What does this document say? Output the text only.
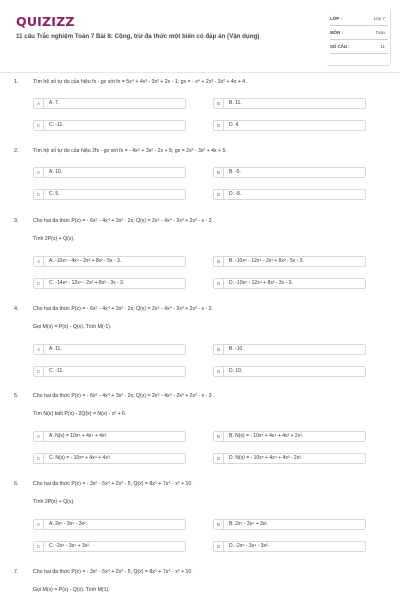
QUIZIZZ
11 câu Trắc nghiệm Toán 7 Bài 8: Cộng, trừ đa thức một biến có đáp án (Vận dụng)
LỚP :	Lớp 7
MÔN :	Toán
SỐ CÂU :	11
1.	Tìm hệ số tự do của hiệu fx - gx với fx = 5x⁴ + 4x³ - 3x² + 2x - 1; gx = - x⁴ + 2x³ - 3x² + 4x + 4 .
A	A. 7.	B	B. 11.
C	C. -11.	D	D. 4.
2.	Tìm hệ số tự do của hiệu 2fx - gx với fx = - 4x⁵ + 3x² - 2x + 5; gx = 2x³ - 3x² + 4x + 5.
A	A. 10.	B	B. -5.
C	C. 5.	D	D. -8.
3.	Cho hai đa thức P(x) = - 6x⁵ - 4x⁴ + 3x² - 2x; Q(x) = 2x⁵ - 4x⁴ - 2x³ + 2x² - x - 3 .
Tính 2P(x) + Q(x).
A	A. -10x⁵ - 4x⁴ - 2x³ + 8x² - 5x - 3.	B	B. -10x⁵ - 12x⁴ - 2x³ + 8x² - 5x - 3.
C	C. -14x⁵ - 12x⁴ - 2x³ + 8x² - 3x - 3.	D	D. -10x⁵ - 12x⁴ + 8x² - 3x - 3.
4.	Cho hai đa thức P(x) = - 6x⁵ - 4x⁴ + 3x² - 2x; Q(x) = 2x⁵ - 4x⁴ - 2x³ + 2x² - x - 3.
Gọi M(x) = P(x) - Q(x). Tính M(-1).
A	A. 11.	B	B. -10.
C	C. -11.	D	D. 10.
5.	Cho hai đa thức P(x) = - 6x⁵ - 4x⁴ + 3x² - 2x; Q(x) = 2x⁵ - 4x⁴ - 2x³ + 2x² - x - 3 .
Tìm N(x) biết P(x) - 2Q(x) = N(x) - x² + 6.
A	A. N(x) = 10x⁵ + 4x⁴ + 4x³.	B	B. N(x) = - 10x⁵ + 4x⁴ + 4x³ + 2x².
C	C. N(x) = - 10x⁵ + 4x⁴ + 4x³.	D	D. N(x) = - 10x⁵ + 4x⁴ + 4x³ - 2x².
6.	Cho hai đa thức P(x) = - 3x⁶ - 5x⁴ + 2x² - 5; Q(x) = 8x⁶ + 7x⁴ - x² + 10.
Tính 2P(x) + Q(x).
A	A. 2x⁶ - 3x⁴ - 3x².	B	B. 2x⁶ - 3x⁴ + 3x².
C	C. -2x⁶ - 3x⁴ + 3x².	D	D. -2x⁶ - 3x⁴ - 3x².
7.	Cho hai đa thức P(x) = - 3x⁶ - 5x⁴ + 2x² - 5; Q(x) = 8x⁶ + 7x⁴ - x² + 10.
Gọi M(x) = P(x) - Q(x). Tính M(1).
